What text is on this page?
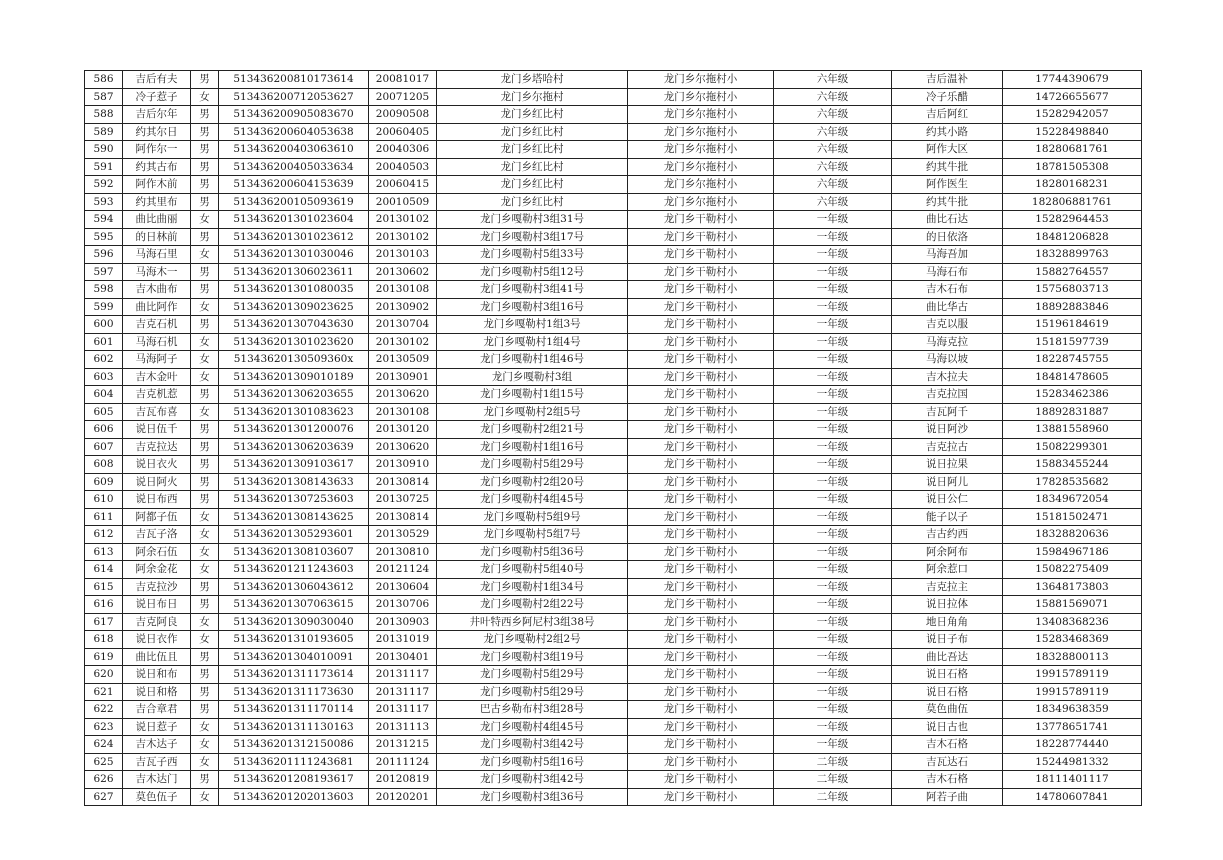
586	吉后有夫	男	513436200810173614	20081017	龙门乡塔哈村	龙门乡尔拖村小	六年级	吉后温补	17744390679
587	冷子惹子	女	513436200712053627	20071205	龙门乡尔拖村	龙门乡尔拖村小	六年级	冷子乐醋	14726655677
588	吉后尔年	男	513436200905083670	20090508	龙门乡红比村	龙门乡尔拖村小	六年级	吉后阿红	15282942057
589	约其尔日	男	513436200604053638	20060405	龙门乡红比村	龙门乡尔拖村小	六年级	约其小路	15228498840
590	阿作尔一	男	513436200403063610	20040306	龙门乡红比村	龙门乡尔拖村小	六年级	阿作大区	18280681761
591	约其古布	男	513436200405033634	20040503	龙门乡红比村	龙门乡尔拖村小	六年级	约其牛批	18781505308
592	阿作木前	男	513436200604153639	20060415	龙门乡红比村	龙门乡尔拖村小	六年级	阿作医生	18280168231
593	约其里布	男	513436200105093619	20010509	龙门乡红比村	龙门乡尔拖村小	六年级	约其牛批	182806881761
594	曲比曲丽	女	513436201301023604	20130102	龙门乡嘎勒村3组31号	龙门乡干勒村小	一年级	曲比石达	15282964453
595	的日林前	男	513436201301023612	20130102	龙门乡嘎勒村3组17号	龙门乡干勒村小	一年级	的日依洛	18481206828
596	马海石里	女	513436201301030046	20130103	龙门乡嘎勒村5组33号	龙门乡干勒村小	一年级	马海吾加	18328899763
597	马海木一	男	513436201306023611	20130602	龙门乡嘎勒村5组12号	龙门乡干勒村小	一年级	马海石布	15882764557
598	吉木曲布	男	513436201301080035	20130108	龙门乡嘎勒村3组41号	龙门乡干勒村小	一年级	吉木石布	15756803713
599	曲比阿作	女	513436201309023625	20130902	龙门乡嘎勒村3组16号	龙门乡干勒村小	一年级	曲比华古	18892883846
600	吉克石机	男	513436201307043630	20130704	龙门乡嘎勒村1组3号	龙门乡干勒村小	一年级	吉克以服	15196184619
601	马海石机	女	513436201301023620	20130102	龙门乡嘎勒村1组4号	龙门乡干勒村小	一年级	马海克拉	15181597739
602	马海阿子	女	51343620130509360x	20130509	龙门乡嘎勒村1组46号	龙门乡干勒村小	一年级	马海以坡	18228745755
603	吉木金叶	女	513436201309010189	20130901	龙门乡嘎勒村3组	龙门乡干勒村小	一年级	吉木拉夫	18481478605
604	吉克机惹	男	513436201306203655	20130620	龙门乡嘎勒村1组15号	龙门乡干勒村小	一年级	吉克拉国	15283462386
605	吉瓦布喜	女	513436201301083623	20130108	龙门乡嘎勒村2组5号	龙门乡干勒村小	一年级	吉瓦阿千	18892831887
606	说日伍千	男	513436201301200076	20130120	龙门乡嘎勒村2组21号	龙门乡干勒村小	一年级	说日阿沙	13881558960
607	吉克拉达	男	513436201306203639	20130620	龙门乡嘎勒村1组16号	龙门乡干勒村小	一年级	吉克拉古	15082299301
608	说日衣火	男	513436201309103617	20130910	龙门乡嘎勒村5组29号	龙门乡干勒村小	一年级	说日拉果	15883455244
609	说日阿火	男	513436201308143633	20130814	龙门乡嘎勒村2组20号	龙门乡干勒村小	一年级	说日阿儿	17828535682
610	说日布西	男	513436201307253603	20130725	龙门乡嘎勒村4组45号	龙门乡干勒村小	一年级	说日公仁	18349672054
611	阿都子伍	女	513436201308143625	20130814	龙门乡嘎勒村5组9号	龙门乡干勒村小	一年级	能子以子	15181502471
612	吉瓦子洛	女	513436201305293601	20130529	龙门乡嘎勒村5组7号	龙门乡干勒村小	一年级	吉古约西	18328820636
613	阿余石伍	女	513436201308103607	20130810	龙门乡嘎勒村5组36号	龙门乡干勒村小	一年级	阿余阿布	15984967186
614	阿余金花	女	513436201211243603	20121124	龙门乡嘎勒村5组40号	龙门乡干勒村小	一年级	阿余惹口	15082275409
615	吉克拉沙	男	513436201306043612	20130604	龙门乡嘎勒村1组34号	龙门乡干勒村小	一年级	吉克拉主	13648173803
616	说日布日	男	513436201307063615	20130706	龙门乡嘎勒村2组22号	龙门乡干勒村小	一年级	说日拉体	15881569071
617	吉克阿良	女	513436201309030040	20130903	井叶特西乡阿尼村3组38号	龙门乡干勒村小	一年级	地日角角	13408368236
618	说日衣作	女	513436201310193605	20131019	龙门乡嘎勒村2组2号	龙门乡干勒村小	一年级	说日子布	15283468369
619	曲比伍且	男	513436201304010091	20130401	龙门乡嘎勒村3组19号	龙门乡干勒村小	一年级	曲比吾达	18328800113
620	说日和布	男	513436201311173614	20131117	龙门乡嘎勒村5组29号	龙门乡干勒村小	一年级	说日石格	19915789119
621	说日和格	男	513436201311173630	20131117	龙门乡嘎勒村5组29号	龙门乡干勒村小	一年级	说日石格	19915789119
622	吉合章君	男	513436201311170114	20131117	巴古乡勒布村3组28号	龙门乡干勒村小	一年级	莫色曲伍	18349638359
623	说日惹子	女	513436201311130163	20131113	龙门乡嘎勒村4组45号	龙门乡干勒村小	一年级	说日古也	13778651741
624	吉木达子	女	513436201312150086	20131215	龙门乡嘎勒村3组42号	龙门乡干勒村小	一年级	吉木石格	18228774440
625	吉瓦子西	女	513436201111243681	20111124	龙门乡嘎勒村5组16号	龙门乡干勒村小	二年级	吉瓦达石	15244981332
626	吉木达门	男	513436201208193617	20120819	龙门乡嘎勒村3组42号	龙门乡干勒村小	二年级	吉木石格	18111401117
627	莫色伍子	女	513436201202013603	20120201	龙门乡嘎勒村3组36号	龙门乡干勒村小	二年级	阿若子曲	14780607841
